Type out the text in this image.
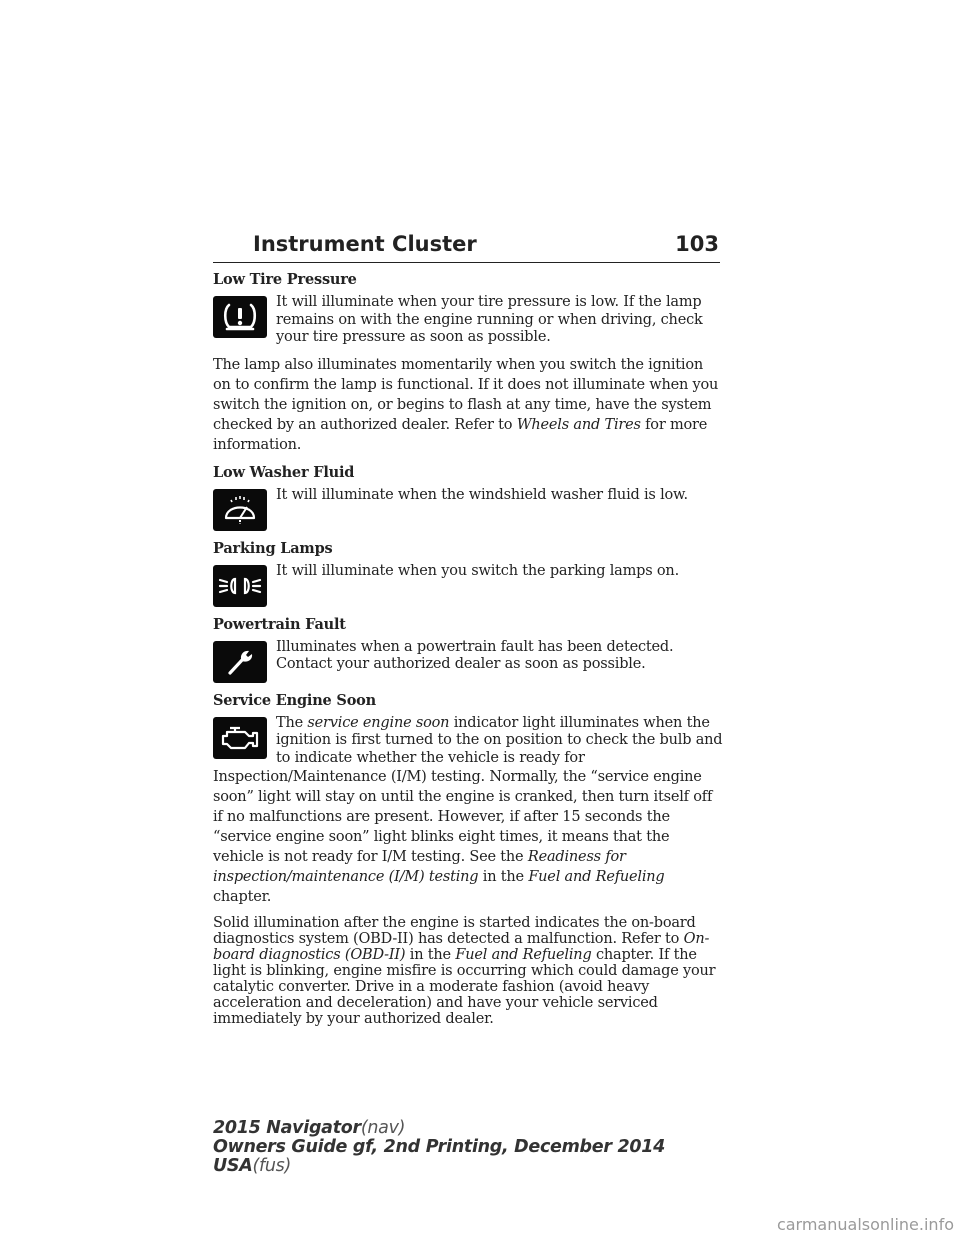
Instrument Cluster	103
Low Tire Pressure

It will illuminate when your tire pressure is low. If the lamp remains on with the engine running or when driving, check your tire pressure as soon as possible.

The lamp also illuminates momentarily when you switch the ignition on to confirm the lamp is functional. If it does not illuminate when you switch the ignition on, or begins to flash at any time, have the system checked by an authorized dealer. Refer to Wheels and Tires for more information.

Low Washer Fluid

It will illuminate when the windshield washer fluid is low.

Parking Lamps

It will illuminate when you switch the parking lamps on.

Powertrain Fault

Illuminates when a powertrain fault has been detected. Contact your authorized dealer as soon as possible.

Service Engine Soon

The service engine soon indicator light illuminates when the ignition is first turned to the on position to check the bulb and to indicate whether the vehicle is ready for

Inspection/Maintenance (I/M) testing. Normally, the “service engine soon” light will stay on until the engine is cranked, then turn itself off if no malfunctions are present. However, if after 15 seconds the “service engine soon” light blinks eight times, it means that the vehicle is not ready for I/M testing. See the Readiness for inspection/maintenance (I/M) testing in the Fuel and Refueling chapter.

Solid illumination after the engine is started indicates the on-board diagnostics system (OBD-II) has detected a malfunction. Refer to On-board diagnostics (OBD-II) in the Fuel and Refueling chapter. If the light is blinking, engine misfire is occurring which could damage your catalytic converter. Drive in a moderate fashion (avoid heavy acceleration and deceleration) and have your vehicle serviced immediately by your authorized dealer.

2015 Navigator(nav)
Owners Guide gf, 2nd Printing, December 2014
USA(fus)
carmanualsonline.info
